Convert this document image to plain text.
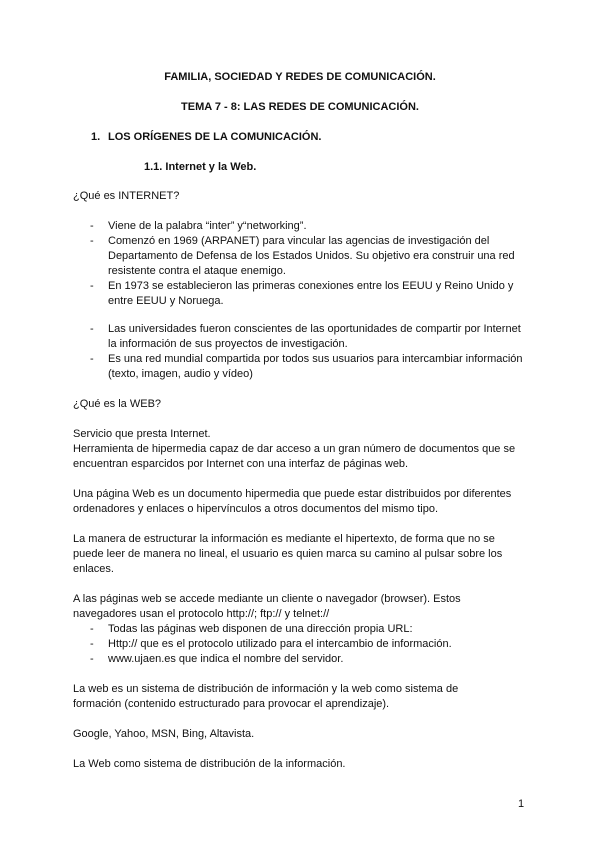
FAMILIA, SOCIEDAD Y REDES DE COMUNICACIÓN.
TEMA 7 - 8: LAS REDES DE COMUNICACIÓN.
1. LOS ORÍGENES DE LA COMUNICACIÓN.
1.1. Internet y la Web.
¿Qué es INTERNET?
- Viene de la palabra “inter” y“networking”.
- Comenzó en 1969 (ARPANET) para vincular las agencias de investigación del
Departamento de Defensa de los Estados Unidos. Su objetivo era construir una red
resistente contra el ataque enemigo.
- En 1973 se establecieron las primeras conexiones entre los EEUU y Reino Unido y
entre EEUU y Noruega.
- Las universidades fueron conscientes de las oportunidades de compartir por Internet
la información de sus proyectos de investigación.
- Es una red mundial compartida por todos sus usuarios para intercambiar información
(texto, imagen, audio y vídeo)
¿Qué es la WEB?
Servicio que presta Internet.
Herramienta de hipermedia capaz de dar acceso a un gran número de documentos que se
encuentran esparcidos por Internet con una interfaz de páginas web.
Una página Web es un documento hipermedia que puede estar distribuidos por diferentes
ordenadores y enlaces o hipervínculos a otros documentos del mismo tipo.
La manera de estructurar la información es mediante el hipertexto, de forma que no se
puede leer de manera no lineal, el usuario es quien marca su camino al pulsar sobre los
enlaces.
A las páginas web se accede mediante un cliente o navegador (browser). Estos
navegadores usan el protocolo http://; ftp:// y telnet://
- Todas las páginas web disponen de una dirección propia URL:
- Http:// que es el protocolo utilizado para el intercambio de información.
- www.ujaen.es que indica el nombre del servidor.
La web es un sistema de distribución de información y la web como sistema de
formación (contenido estructurado para provocar el aprendizaje).
Google, Yahoo, MSN, Bing, Altavista.
La Web como sistema de distribución de la información.
1
